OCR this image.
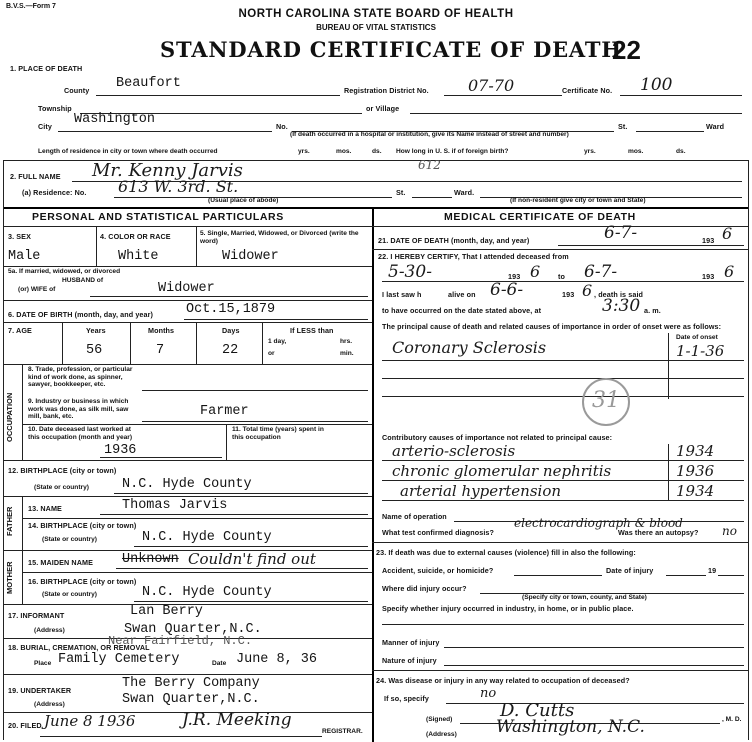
B.V.S.—Form 7
NORTH CAROLINA STATE BOARD OF HEALTH
BUREAU OF VITAL STATISTICS
STANDARD CERTIFICATE OF DEATH
22
1. PLACE OF DEATH
County Beaufort	Registration District No. 07-70	Certificate No. 100
Township	or Village
City Washington	No.	St.	Ward
(If death occurred in a hospital or institution, give its Name instead of street and number)
Length of residence in city or town where death occurred	yrs.	mos.	ds. How long in U. S. if of foreign birth?	yrs.	mos.	ds.
2. FULL NAME Mr. Kenny Jarvis	612
(a) Residence: No. 613 W. 3rd. St.	St.	Ward.
(Usual place of abode)	(If non-resident give city or town and State)
PERSONAL AND STATISTICAL PARTICULARS	MEDICAL CERTIFICATE OF DEATH
3. SEX
Male
4. COLOR OR RACE
White
5. Single, Married, Widowed, or Divorced (write the word)
Widower
5a. If married, widowed, or divorced
HUSBAND of
(or) WIFE of	Widower
6. DATE OF BIRTH (month, day, and year) Oct.15,1879
7. AGE	Years	Months	Days	If LESS than
1 day,	hrs.
or	min.
56	7	22
OCCUPATION
8. Trade, profession, or particular kind of work done, as spinner, sawyer, bookkeeper, etc.
9. Industry or business in which work was done, as silk mill, saw mill, bank, etc.	Farmer
10. Date deceased last worked at this occupation (month and year)
1936
11. Total time (years) spent in this occupation
12. BIRTHPLACE (city or town)
(State or country) N.C. Hyde County
FATHER 13. NAME	Thomas Jarvis
14. BIRTHPLACE (city or town)
(State or country)	N.C. Hyde County
MOTHER 15. MAIDEN NAME Unknown Couldn't find out
16. BIRTHPLACE (city or town)
(State or country)	N.C. Hyde County
17. INFORMANT	Lan Berry
(Address)	Swan Quarter,N.C.
18. BURIAL, CREMATION, OR REMOVAL
Near Fairfield, N.C.
Place Family Cemetery	Date June 8, 36
19. UNDERTAKER	The Berry Company
(Address)	Swan Quarter,N.C.
20. FILED June 8 1936	J.R. Meeking
REGISTRAR.
21. DATE OF DEATH (month, day, and year)	6-7-	193 6
22. I HEREBY CERTIFY, That I attended deceased from
5-30-	193 6 to 6-7-	193 6
I last saw h	alive on 6-6-	193 6 , death is said
to have occurred on the date stated above, at	3:30 a. m.
The principal cause of death and related causes of importance in order of onset were as follows:
Date of onset
Coronary Sclerosis	1-1-36
31
Contributory causes of importance not related to principal cause:
arterio-sclerosis	1934
chronic glomerular nephritis	1936
arterial hypertension	1934
Name of operation
What test confirmed diagnosis?
electrocardiograph & blood
Was there an autopsy? no
23. If death was due to external causes (violence) fill in also the following:
Accident, suicide, or homicide?	Date of injury	19
Where did injury occur?
(Specify city or town, county, and State)
Specify whether injury occurred in industry, in home, or in public place.
Manner of injury
Nature of injury
24. Was disease or injury in any way related to occupation of deceased?
no
If so, specify
(Signed)	D. Cutts	, M. D.
(Address) Washington, N.C.
